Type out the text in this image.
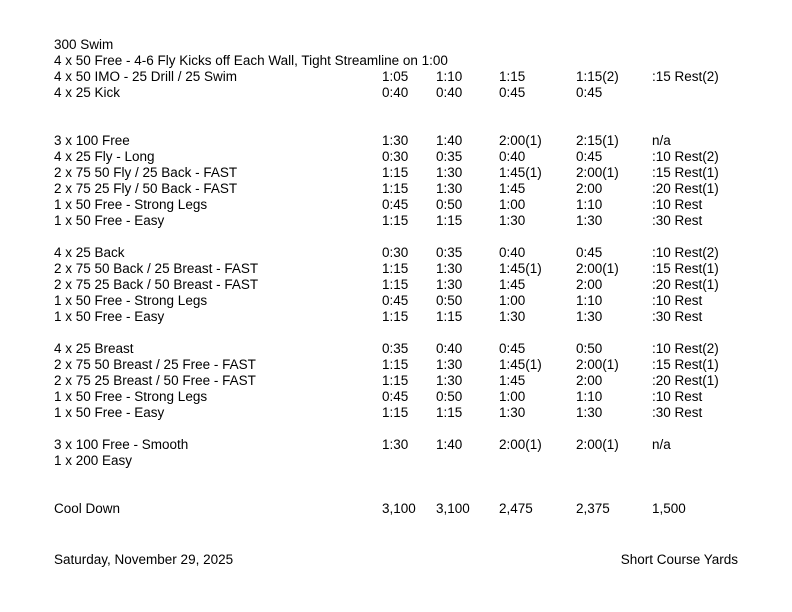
300 Swim
4 x 50 Free - 4-6 Fly Kicks off Each Wall, Tight Streamline on 1:00
4 x 50 IMO - 25 Drill / 25 Swim	1:05 1:10	1:15	1:15(2) :15 Rest(2)
4 x 25 Kick	0:40 0:40	0:45	0:45
3 x 100 Free	1:30 1:40	2:00(1)	2:15(1) n/a
4 x 25 Fly - Long	0:30 0:35	0:40	0:45	:10 Rest(2)
2 x 75 50 Fly / 25 Back - FAST	1:15 1:30	1:45(1)	2:00(1) :15 Rest(1)
2 x 75 25 Fly / 50 Back - FAST	1:15 1:30	1:45	2:00	:20 Rest(1)
1 x 50 Free - Strong Legs	0:45 0:50	1:00	1:10	:10 Rest
1 x 50 Free - Easy	1:15 1:15	1:30	1:30	:30 Rest
4 x 25 Back	0:30 0:35	0:40	0:45	:10 Rest(2)
2 x 75 50 Back / 25 Breast - FAST	1:15 1:30	1:45(1)	2:00(1) :15 Rest(1)
2 x 75 25 Back / 50 Breast - FAST	1:15 1:30	1:45	2:00	:20 Rest(1)
1 x 50 Free - Strong Legs	0:45 0:50	1:00	1:10	:10 Rest
1 x 50 Free - Easy	1:15 1:15	1:30	1:30	:30 Rest
4 x 25 Breast	0:35 0:40	0:45	0:50	:10 Rest(2)
2 x 75 50 Breast / 25 Free - FAST	1:15 1:30	1:45(1)	2:00(1) :15 Rest(1)
2 x 75 25 Breast / 50 Free - FAST	1:15 1:30	1:45	2:00	:20 Rest(1)
1 x 50 Free - Strong Legs	0:45 0:50	1:00	1:10	:10 Rest
1 x 50 Free - Easy	1:15 1:15	1:30	1:30	:30 Rest
3 x 100 Free - Smooth	1:30 1:40	2:00(1)	2:00(1) n/a
1 x 200 Easy
Cool Down	3,100 3,100 2,475	2,375	1,500
Saturday, November 29, 2025	Short Course Yards
